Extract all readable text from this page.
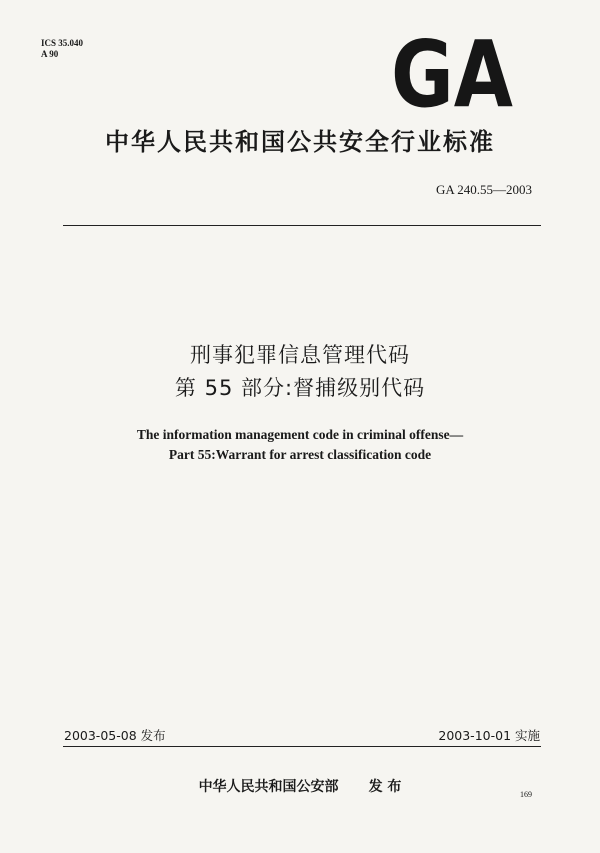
ICS 35.040
A 90	GA
中华人民共和国公共安全行业标准
GA 240.55—2003
刑事犯罪信息管理代码
第 55 部分:督捕级别代码
The information management code in criminal offense—
Part 55:Warrant for arrest classification code
2003-05-08 发布	2003-10-01 实施
中华人民共和国公安部 发 布	169
